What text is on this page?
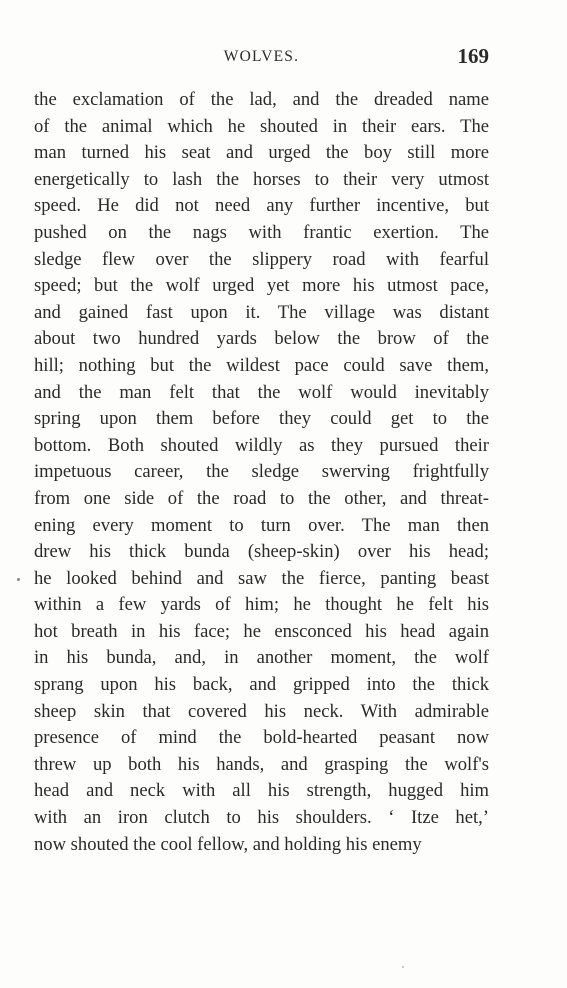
WOLVES.	169
the exclamation of the lad, and the dreaded name
of the animal which he shouted in their ears. The
man turned his seat and urged the boy still more
energetically to lash the horses to their very utmost
speed. He did not need any further incentive, but
pushed on the nags with frantic exertion. The
sledge flew over the slippery road with fearful
speed; but the wolf urged yet more his utmost pace,
and gained fast upon it. The village was distant
about two hundred yards below the brow of the
hill; nothing but the wildest pace could save them,
and the man felt that the wolf would inevitably
spring upon them before they could get to the
bottom. Both shouted wildly as they pursued their
impetuous career, the sledge swerving frightfully
from one side of the road to the other, and threat-
ening every moment to turn over. The man then
drew his thick bunda (sheep-skin) over his head;
he looked behind and saw the fierce, panting beast
within a few yards of him; he thought he felt his
hot breath in his face; he ensconced his head again
in his bunda, and, in another moment, the wolf
sprang upon his back, and gripped into the thick
sheep skin that covered his neck. With admirable
presence of mind the bold-hearted peasant now
threw up both his hands, and grasping the wolf's
head and neck with all his strength, hugged him
with an iron clutch to his shoulders. ‘ Itze het,’
now shouted the cool fellow, and holding his enemy
